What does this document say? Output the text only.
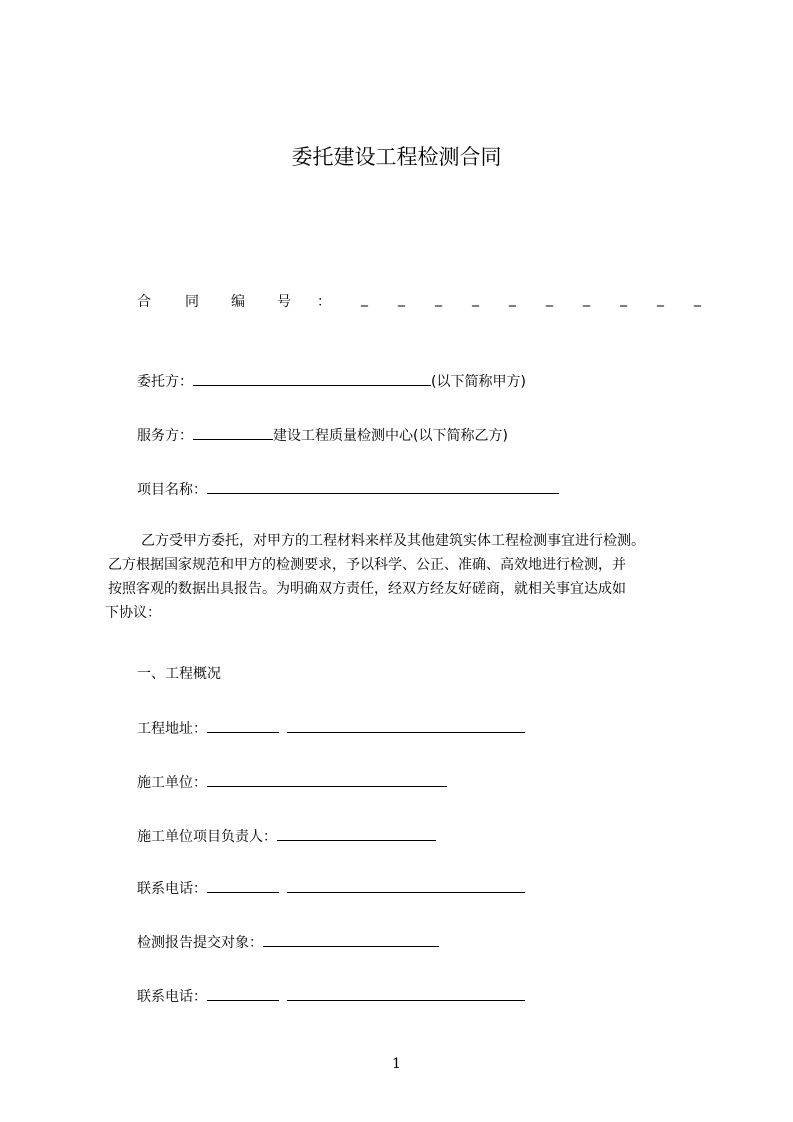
委托建设工程检测合同
合 同 编 号 ： _ _ _ _ _ _ _ _ _ _
委托方：	(以下简称甲方)
服务方：	建设工程质量检测中心(以下简称乙方)
项目名称：

乙方受甲方委托，对甲方的工程材料来样及其他建筑实体工程检测事宜进行检测。

乙方根据国家规范和甲方的检测要求，予以科学、公正、准确、高效地进行检测，并

按照客观的数据出具报告。为明确双方责任，经双方经友好磋商，就相关事宜达成如

下协议：

一、工程概况
工程地址：
施工单位：
施工单位项目负责人：
联系电话：
检测报告提交对象：
联系电话：
1
